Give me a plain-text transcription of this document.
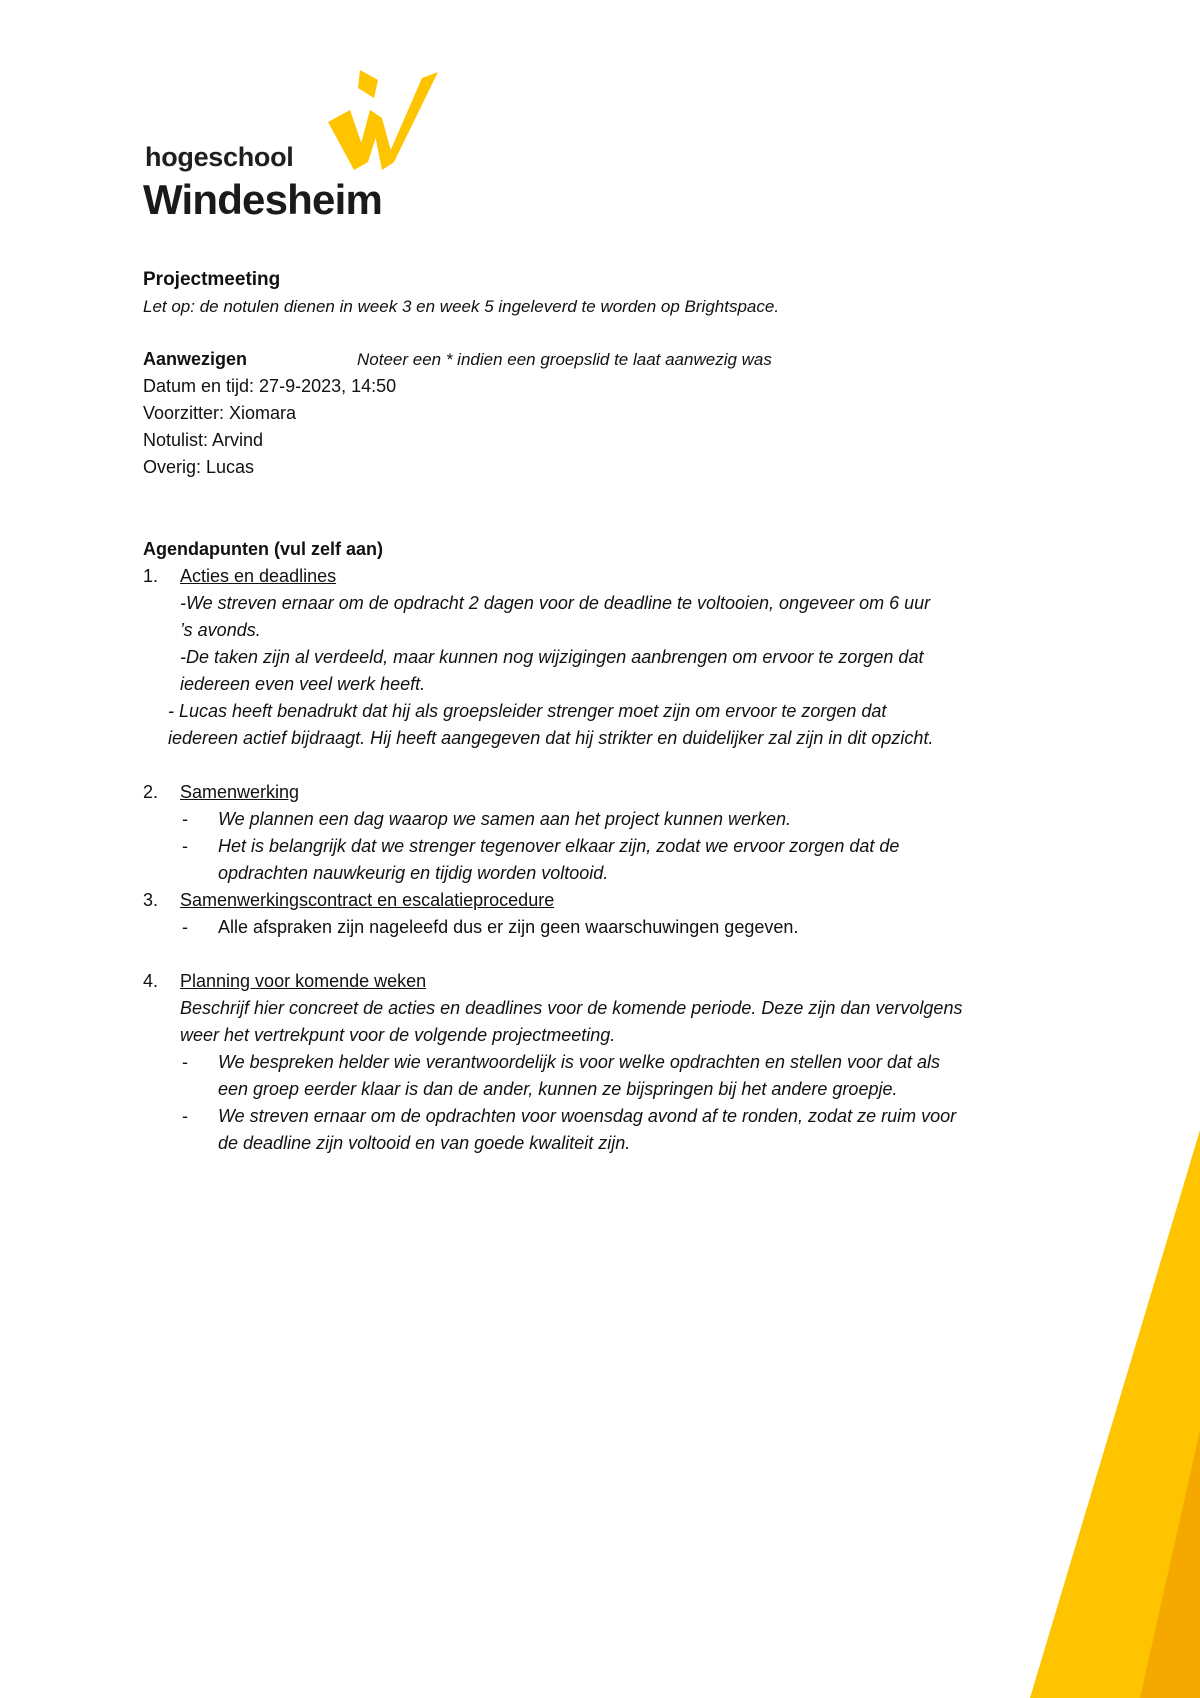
hogeschool
Windesheim
Projectmeeting
Let op: de notulen dienen in week 3 en week 5 ingeleverd te worden op Brightspace.
Aanwezigen	Noteer een * indien een groepslid te laat aanwezig was
Datum en tijd: 27-9-2023, 14:50
Voorzitter: Xiomara
Notulist: Arvind
Overig: Lucas
Agendapunten (vul zelf aan)
1. Acties en deadlines
-We streven ernaar om de opdracht 2 dagen voor de deadline te voltooien, ongeveer om 6 uur
’s avonds.
-De taken zijn al verdeeld, maar kunnen nog wijzigingen aanbrengen om ervoor te zorgen dat
iedereen even veel werk heeft.
- Lucas heeft benadrukt dat hij als groepsleider strenger moet zijn om ervoor te zorgen dat
iedereen actief bijdraagt. Hij heeft aangegeven dat hij strikter en duidelijker zal zijn in dit opzicht.
2. Samenwerking
- We plannen een dag waarop we samen aan het project kunnen werken.
- Het is belangrijk dat we strenger tegenover elkaar zijn, zodat we ervoor zorgen dat de
opdrachten nauwkeurig en tijdig worden voltooid.
3. Samenwerkingscontract en escalatieprocedure
- Alle afspraken zijn nageleefd dus er zijn geen waarschuwingen gegeven.
4. Planning voor komende weken
Beschrijf hier concreet de acties en deadlines voor de komende periode. Deze zijn dan vervolgens
weer het vertrekpunt voor de volgende projectmeeting.
- We bespreken helder wie verantwoordelijk is voor welke opdrachten en stellen voor dat als
een groep eerder klaar is dan de ander, kunnen ze bijspringen bij het andere groepje.
- We streven ernaar om de opdrachten voor woensdag avond af te ronden, zodat ze ruim voor
de deadline zijn voltooid en van goede kwaliteit zijn.
